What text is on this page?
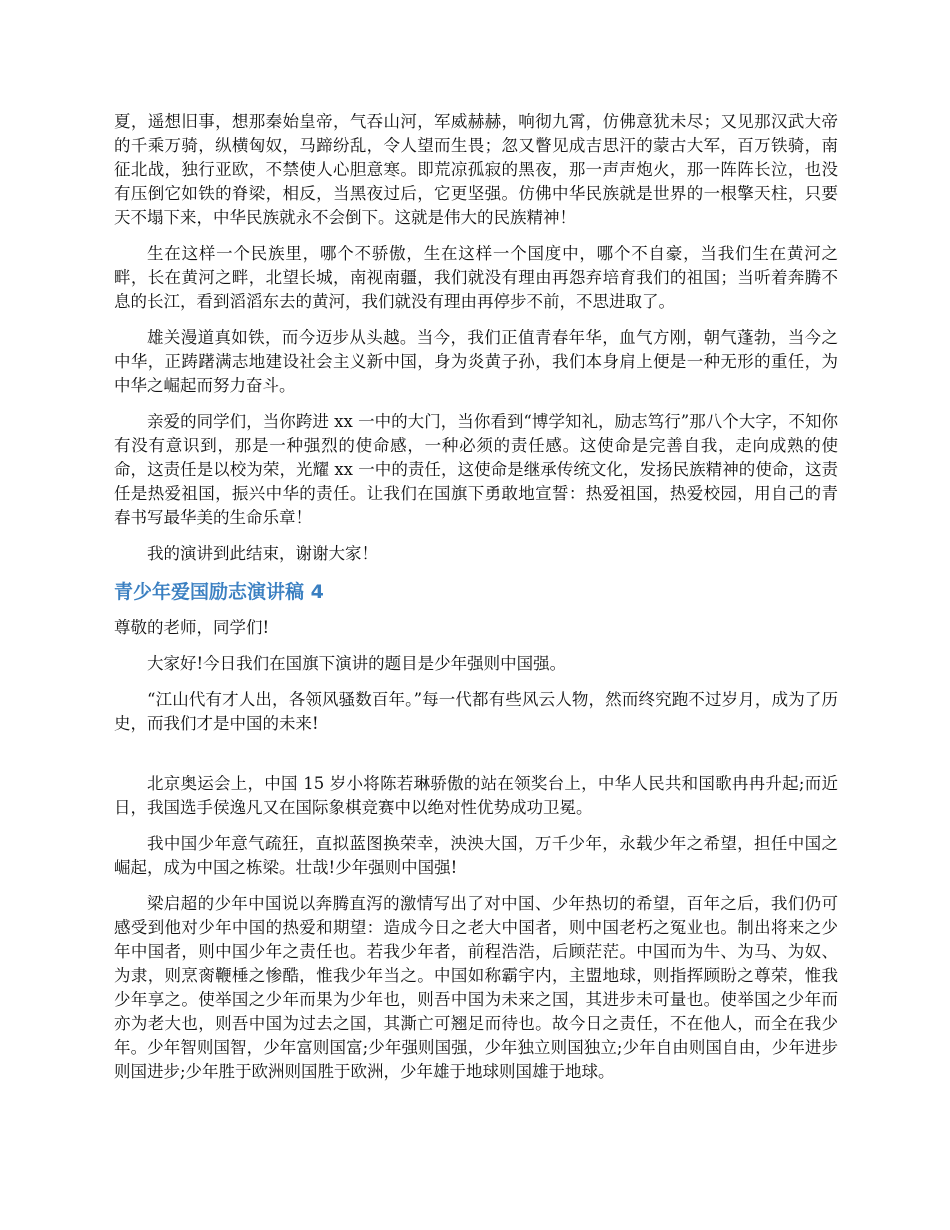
夏，遥想旧事，想那秦始皇帝，气吞山河，军威赫赫，响彻九霄，仿佛意犹未尽；又见那汉武大帝的千乘万骑，纵横匈奴，马蹄纷乱，令人望而生畏；忽又瞥见成吉思汗的蒙古大军，百万铁骑，南征北战，独行亚欧，不禁使人心胆意寒。即荒凉孤寂的黑夜，那一声声炮火，那一阵阵长泣，也没有压倒它如铁的脊梁，相反，当黑夜过后，它更坚强。仿佛中华民族就是世界的一根擎天柱，只要天不塌下来，中华民族就永不会倒下。这就是伟大的民族精神！

生在这样一个民族里，哪个不骄傲，生在这样一个国度中，哪个不自豪，当我们生在黄河之畔，长在黄河之畔，北望长城，南视南疆，我们就没有理由再怨弃培育我们的祖国；当听着奔腾不息的长江，看到滔滔东去的黄河，我们就没有理由再停步不前，不思进取了。

雄关漫道真如铁，而今迈步从头越。当今，我们正值青春年华，血气方刚，朝气蓬勃，当今之中华，正踌躇满志地建设社会主义新中国，身为炎黄子孙，我们本身肩上便是一种无形的重任，为中华之崛起而努力奋斗。

亲爱的同学们，当你跨进 xx 一中的大门，当你看到“博学知礼，励志笃行”那八个大字，不知你有没有意识到，那是一种强烈的使命感，一种必须的责任感。这使命是完善自我，走向成熟的使命，这责任是以校为荣，光耀 xx 一中的责任，这使命是继承传统文化，发扬民族精神的使命，这责任是热爱祖国，振兴中华的责任。让我们在国旗下勇敢地宣誓：热爱祖国，热爱校园，用自己的青春书写最华美的生命乐章！

我的演讲到此结束，谢谢大家！

青少年爱国励志演讲稿 4

尊敬的老师，同学们!

大家好!今日我们在国旗下演讲的题目是少年强则中国强。

“江山代有才人出，各领风骚数百年。”每一代都有些风云人物，然而终究跑不过岁月，成为了历史，而我们才是中国的未来!

北京奥运会上，中国 15 岁小将陈若琳骄傲的站在领奖台上，中华人民共和国歌冉冉升起;而近日，我国选手侯逸凡又在国际象棋竞赛中以绝对性优势成功卫冕。

我中国少年意气疏狂，直拟蓝图换荣幸，泱泱大国，万千少年，永载少年之希望，担任中国之崛起，成为中国之栋梁。壮哉!少年强则中国强!

梁启超的少年中国说以奔腾直泻的激情写出了对中国、少年热切的希望，百年之后，我们仍可感受到他对少年中国的热爱和期望：造成今日之老大中国者，则中国老朽之冤业也。制出将来之少年中国者，则中国少年之责任也。若我少年者，前程浩浩，后顾茫茫。中国而为牛、为马、为奴、为隶，则烹脔鞭棰之惨酷，惟我少年当之。中国如称霸宇内，主盟地球，则指挥顾盼之尊荣，惟我少年享之。使举国之少年而果为少年也，则吾中国为未来之国，其进步未可量也。使举国之少年而亦为老大也，则吾中国为过去之国，其澌亡可翘足而待也。故今日之责任，不在他人，而全在我少年。少年智则国智，少年富则国富;少年强则国强，少年独立则国独立;少年自由则国自由，少年进步则国进步;少年胜于欧洲则国胜于欧洲，少年雄于地球则国雄于地球。
